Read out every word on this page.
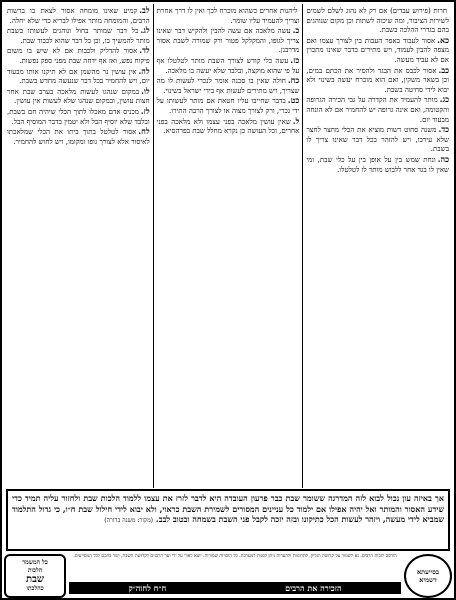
חרות (פירוש עבדים) אם רק לא נהוג לשלם לשמים לשירות הציבור, ומה שיכוה לשתות וכן מקום שנוהגים בהם בגדרי ההלכה בשבת.

כא.אסור לעבוד באפר העבות בין לצורך עצמו ואם מצפה להבין לעמוד, ויש מתירים בדבר שאינו מתכוין אם לא עביד מעשה.

כב.אסור לכבס את הבגד ולהסיר את הכתם במים, וכן בשאר משקין, ואם הוא מוכרח יעשה בשינוי ולא יבוא לידי סחיטה בשבת.

כג.מותר להעמיד את הקדרה על גבי הכירה הגרופה והקטומה, ואם אינה גרופה יש להחמיר אם לא הונחה מבעוד יום.

כד.משנה סחוט רשות מוציא את הכלי מחצר לחצר שלא עירבו, ויש להזהר בכל דבר שאינו צריך לו בשבת.

כה.ונחת שמש בין על אופן בין על כלי שבת, ומי שאין לו בגד אחר ללבוש מותר לו לטלטלו.

ליהנות אחרים כשהוא מוכרח לכך ואין לו דרך אחרת וצריך להעמיד עליו שומר.

כ.עשה מלאכה אם עשה להבין ולהקיש דבר שאינו צריך לגופו, והמקלקל פטור ורק שמורה לשבת אסור מדרבנן.

כז.עשה כלי קודש לצורך השבת מותר לטלטלו אף על פי שהוא מוקצה, ובלבד שלא יעשה בו מלאכה.

כח.חולה שאין בו סכנה אומר לנכרי לעשות לו מה שצריך, ויש מתירים לעשות אף בידי ישראל בשינוי.

כט.בדבר שחייבו עליו חטאת אם מותר לעשותו על ידי נכרי, ורק לצורך מצוה או לצורך הרבה התירו.

ל.שאין עושין מלאכה בפני עצמו ולא מלאכה בפני אחרים, וכל העושה כן נקרא מחלל שבת בפרהסיא.

לב.קמיע שאינו מומחה אסור לצאת בו ברשות הרבים, והמומחה מותר אפילו לבריא כדי שלא יחלה.

לג.כל דבר שמותר בחול ונוהגים לעשותו בשבת מותר להמשיך בו, וכן כל דבר שהוא לכבוד שבת.

לד.אסור להדליק ולכבות אם לא שיש בו משום פיקוח נפש, ואז אף ידחה שבת מפני ספק נפשות.

לה.אין עושין נר מהשמן אם לא תיקנו אותו מבעוד יום, ויש להחמיר בכל דבר שנעשה מחדש בשבת.

לו.במקום שנהגו לעשות מלאכה בערב שבת אחר חצות עושין, ובמקום שנהגו שלא לעשות אין עושין.

לז.מכניס אדם מאכלו לתוך הכלי שיהיה חם בשבת, ובלבד שלא יוסיף הבל ולא יטמין בדבר המוסיף הבל.

לח.אסור לטלטל בתוך ביתו את הכלי שמלאכתו לאיסור אלא לצורך גופו ומקומו, ויש לחוש להחמיר.

אך באיזה עון נכול לבוא לזה המדרגה ששומר שבת כבר פרעון העובדה היא לדבר לזרז את עצמו ללמוד הלכות שבת ולחזור עליה תמיד כדי שידע האסור והמותר ואל יהיה אפילו אם ילמוד כל עניינים המסורים לשמירת השבת כראוי, ולא יבוא לידי חילול שבת ח״ו, כי גדול התלמוד שמביא לידי מעשה, ויזהר לעשות הכל כתיקונו ובזה יזכה לקבל פני השבת בשמחה ובטוב לבב. (מקור: משנה ברורה)
כל המשמר
הלכות
שבת
כהלכתו
הודפס לזכות הרבים. נא לשמור על קדושת הגליון. לתרומות ולהערות ניתן לפנות למערכת. כל הזכויות שמורות. יוצא לאור על ידי ועד הרבנים לקדושת השבת, ישר כחכם לכל המסייעים.
הזכירה את הרבים
ח״ח לחוה״ק
בסייעתא דשמיא
